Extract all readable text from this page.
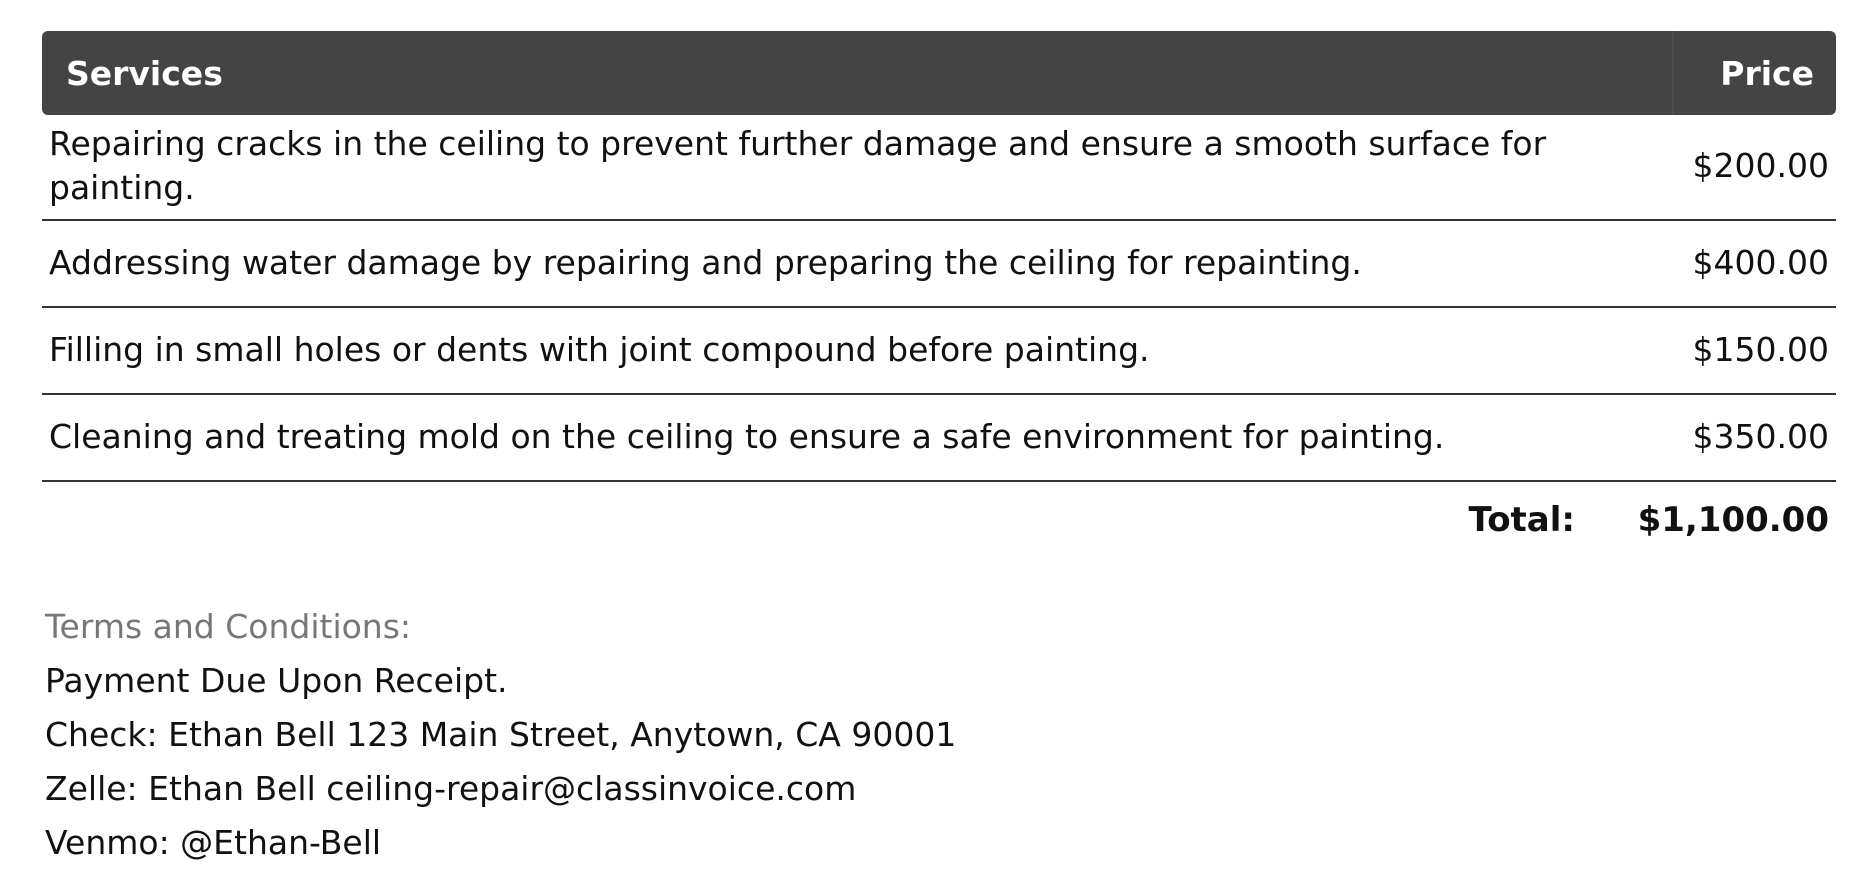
Services	Price
Repairing cracks in the ceiling to prevent further damage and ensure a smooth surface for painting.	$200.00
Addressing water damage by repairing and preparing the ceiling for repainting.	$400.00
Filling in small holes or dents with joint compound before painting.	$150.00
Cleaning and treating mold on the ceiling to ensure a safe environment for painting.	$350.00
Total: $1,100.00
Terms and Conditions:
Payment Due Upon Receipt.
Check: Ethan Bell 123 Main Street, Anytown, CA 90001
Zelle: Ethan Bell ceiling-repair@classinvoice.com
Venmo: @Ethan-Bell
